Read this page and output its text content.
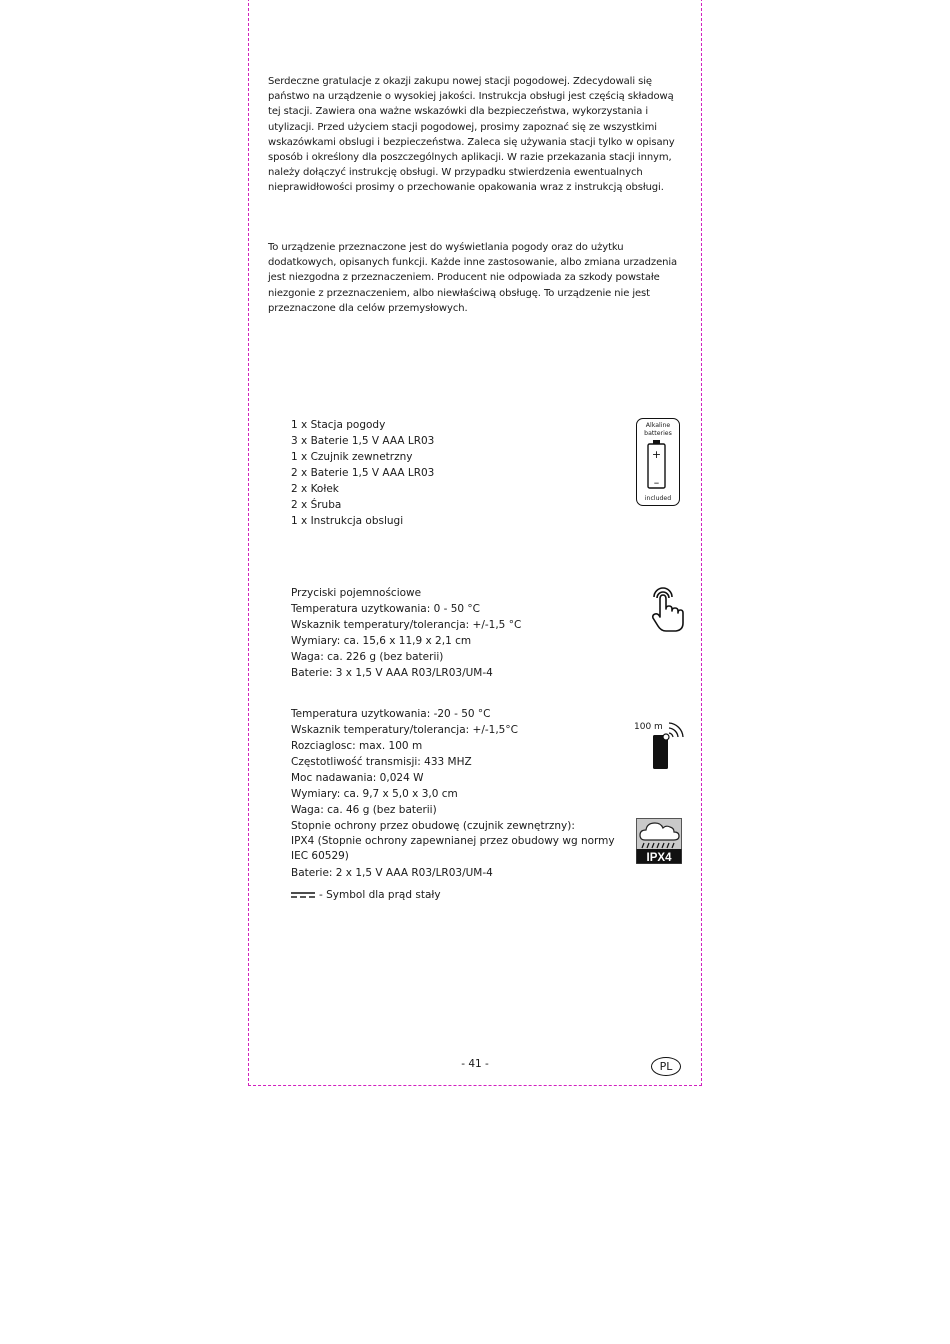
Serdeczne gratulacje z okazji zakupu nowej stacji pogodowej. Zdecydowali się państwo na urządzenie o wysokiej jakości. Instrukcja obsługi jest częścią składową tej stacji. Zawiera ona ważne wskazówki dla bezpieczeństwa, wykorzystania i utylizacji. Przed użyciem stacji pogodowej, prosimy zapoznać się ze wszystkimi wskazówkami obslugi i bezpieczeństwa. Zaleca się używania stacji tylko w opisany sposób i określony dla poszczególnych aplikacji. W razie przekazania stacji innym, należy dołączyć instrukcję obsługi. W przypadku stwierdzenia ewentualnych nieprawidłowości prosimy o przechowanie opakowania wraz z instrukcją obsługi.
To urządzenie przeznaczone jest do wyświetlania pogody oraz do użytku dodatkowych, opisanych funkcji. Każde inne zastosowanie, albo zmiana urzadzenia jest niezgodna z przeznaczeniem. Producent nie odpowiada za szkody powstałe niezgonie z przeznaczeniem, albo niewłaściwą obsługę. To urządzenie nie jest przeznaczone dla celów przemysłowych.
1 x Stacja pogody
3 x Baterie 1,5 V AAA LR03
1 x Czujnik zewnetrzny
2 x Baterie 1,5 V AAA LR03
2 x Kołek
2 x Śruba
1 x Instrukcja obslugi
Alkaline batteries
+
–
included
Przyciski pojemnościowe
Temperatura uzytkowania: 0 - 50 °C
Wskaznik temperatury/tolerancja: +/-1,5 °C
Wymiary: ca. 15,6 x 11,9 x 2,1 cm
Waga: ca. 226 g (bez baterii)
Baterie: 3 x 1,5 V AAA R03/LR03/UM-4
Temperatura uzytkowania: -20 - 50 °C
Wskaznik temperatury/tolerancja: +/-1,5°C
Rozciaglosc: max. 100 m
Częstotliwość transmisji: 433 MHZ
Moc nadawania: 0,024 W
Wymiary: ca. 9,7 x 5,0 x 3,0 cm
Waga: ca. 46 g (bez baterii)
Stopnie ochrony przez obudowę (czujnik zewnętrzny):
IPX4 (Stopnie ochrony zapewnianej przez obudowy wg normy IEC 60529)
Baterie: 2 x 1,5 V AAA R03/LR03/UM-4
100 m
IPX4
- Symbol dla prąd stały
- 41 -	PL
